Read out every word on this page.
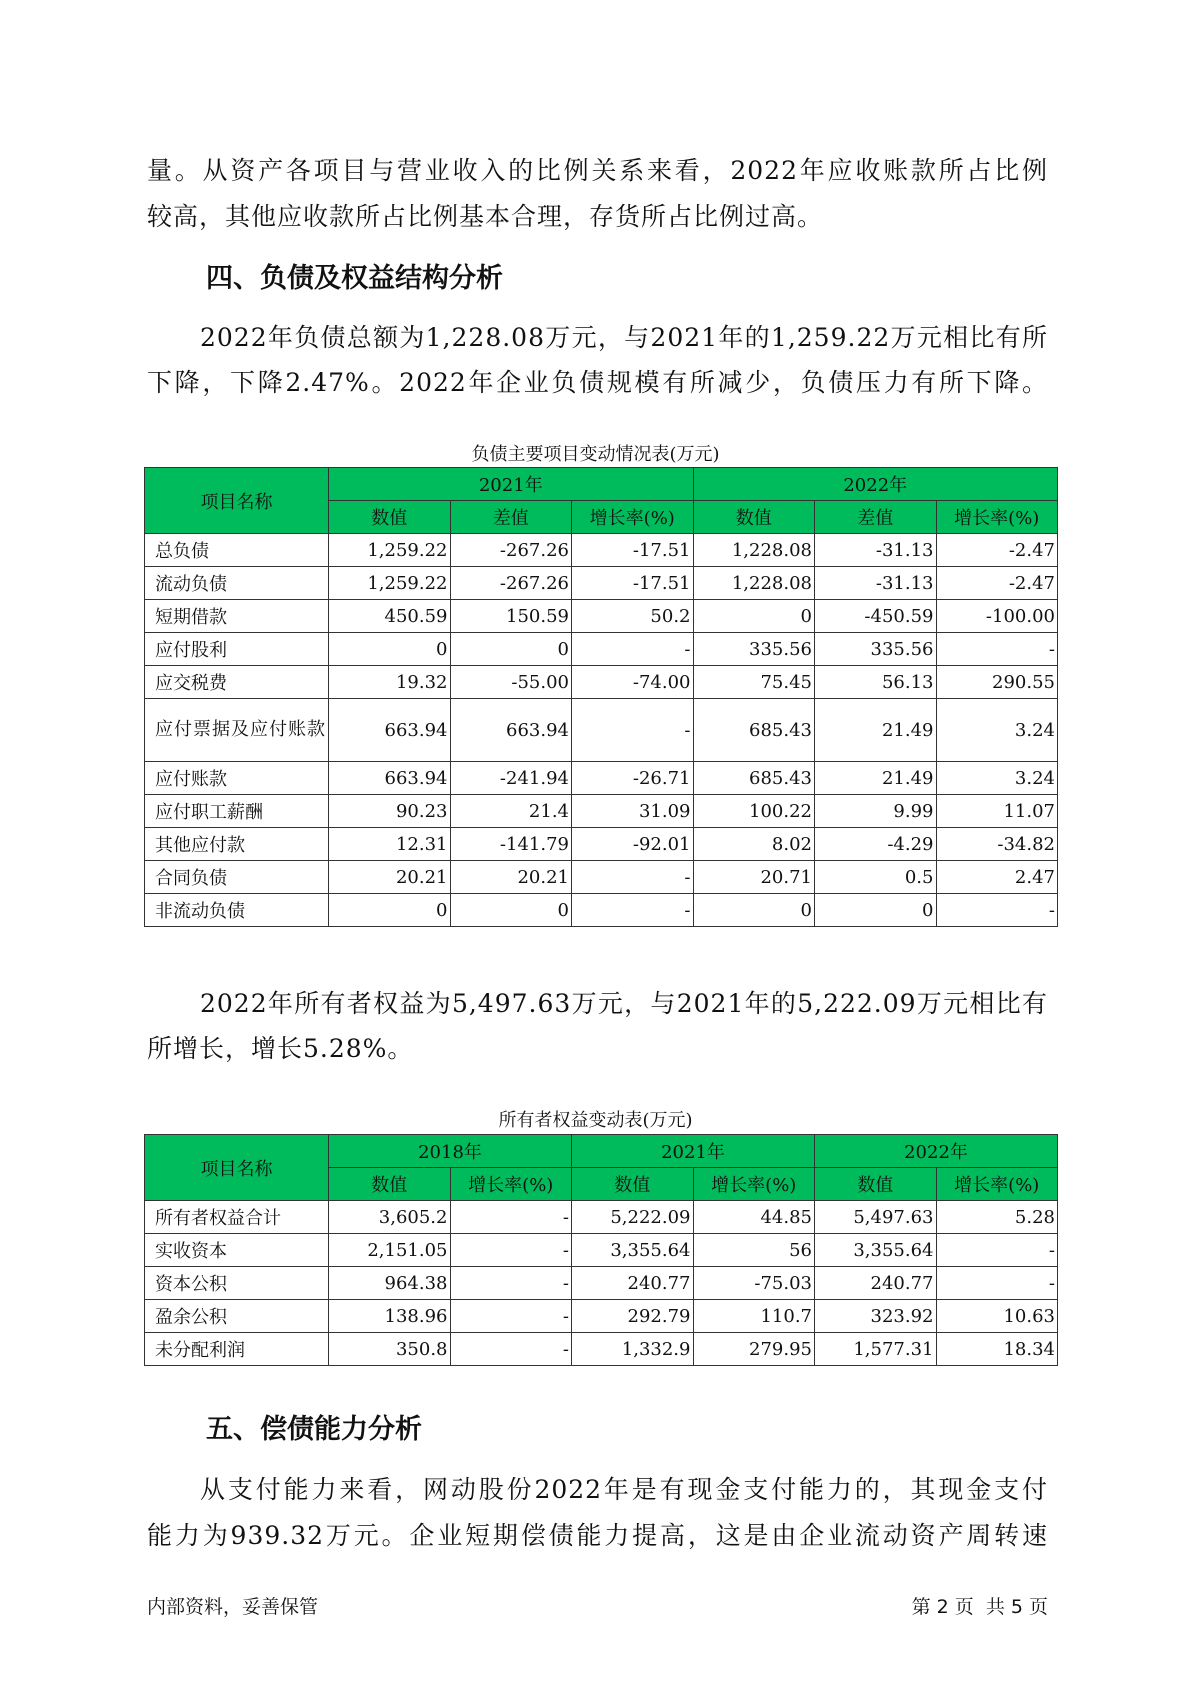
量。从资产各项目与营业收入的比例关系来看，2022年应收账款所占比例
较高，其他应收款所占比例基本合理，存货所占比例过高。
四、负债及权益结构分析
2022年负债总额为1,228.08万元，与2021年的1,259.22万元相比有所
下降，下降2.47%。2022年企业负债规模有所减少，负债压力有所下降。
负债主要项目变动情况表(万元)
项目名称	2021年			2022年		
	数值	差值	增长率(%)	数值	差值	增长率(%)
总负债	1,259.22	-267.26	-17.51	1,228.08	-31.13	-2.47
流动负债	1,259.22	-267.26	-17.51	1,228.08	-31.13	-2.47
短期借款	450.59	150.59	50.2	0	-450.59	-100.00
应付股利	0	0	-	335.56	335.56	-
应交税费	19.32	-55.00	-74.00	75.45	56.13	290.55
应付票据及应付账款	663.94	663.94	-	685.43	21.49	3.24
应付账款	663.94	-241.94	-26.71	685.43	21.49	3.24
应付职工薪酬	90.23	21.4	31.09	100.22	9.99	11.07
其他应付款	12.31	-141.79	-92.01	8.02	-4.29	-34.82
合同负债	20.21	20.21	-	20.71	0.5	2.47
非流动负债	0	0	-	0	0	-
2022年所有者权益为5,497.63万元，与2021年的5,222.09万元相比有
所增长，增长5.28%。
所有者权益变动表(万元)
项目名称	2018年		2021年		2022年	
	数值	增长率(%)	数值	增长率(%)	数值	增长率(%)
所有者权益合计	3,605.2	-	5,222.09	44.85	5,497.63	5.28
实收资本	2,151.05	-	3,355.64	56	3,355.64	-
资本公积	964.38	-	240.77	-75.03	240.77	-
盈余公积	138.96	-	292.79	110.7	323.92	10.63
未分配利润	350.8	-	1,332.9	279.95	1,577.31	18.34
五、偿债能力分析
从支付能力来看，网动股份2022年是有现金支付能力的，其现金支付
能力为939.32万元。企业短期偿债能力提高，这是由企业流动资产周转速
内部资料，妥善保管	第 2 页  共 5 页
